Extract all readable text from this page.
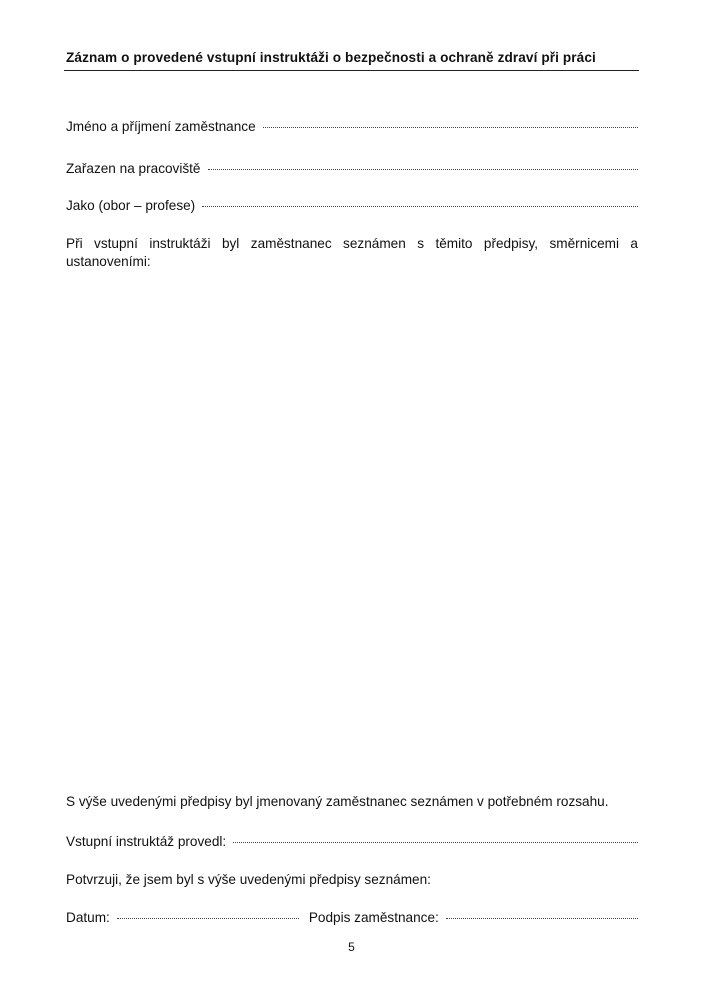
Záznam o provedené vstupní instruktáži o bezpečnosti a ochraně zdraví při práci
Jméno a příjmení zaměstnance
Zařazen na pracoviště
Jako (obor – profese)
Při vstupní instruktáži byl zaměstnanec seznámen s těmito předpisy, směrnicemi a ustanoveními:
S výše uvedenými předpisy byl jmenovaný zaměstnanec seznámen v potřebném rozsahu.
Vstupní instruktáž provedl:
Potvrzuji, že jsem byl s výše uvedenými předpisy seznámen:
Datum:	Podpis zaměstnance:
5
